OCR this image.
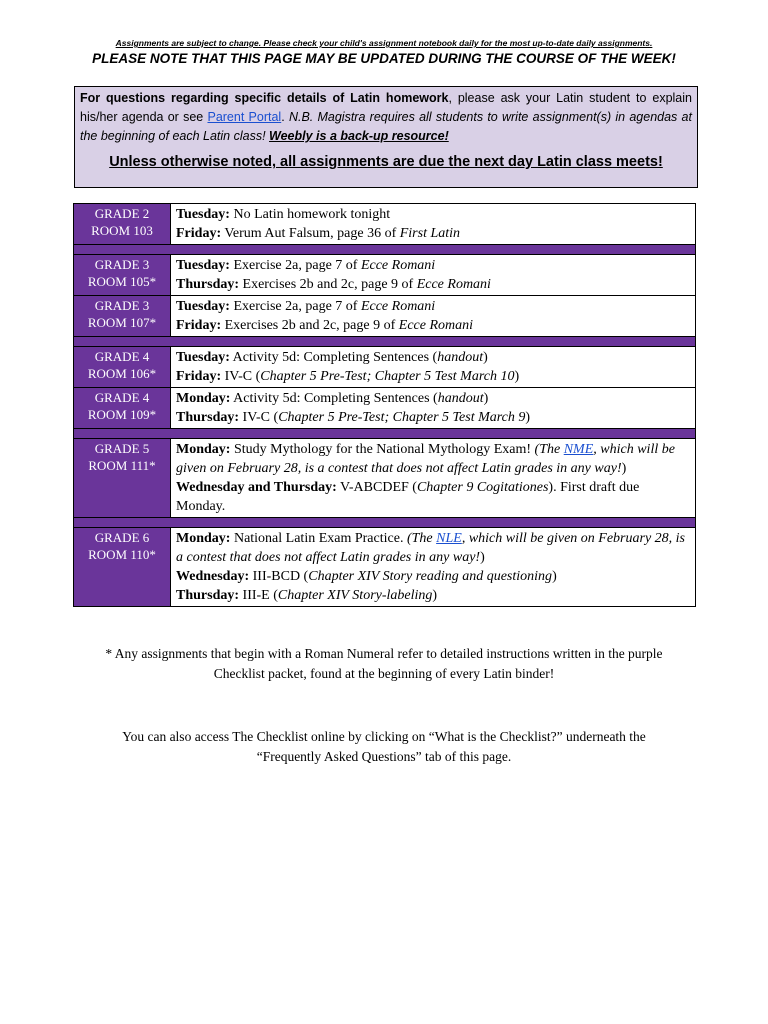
Assignments are subject to change. Please check your child's assignment notebook daily for the most up-to-date daily assignments.
PLEASE NOTE THAT THIS PAGE MAY BE UPDATED DURING THE COURSE OF THE WEEK!
For questions regarding specific details of Latin homework, please ask your Latin student to explain his/her agenda or see Parent Portal. N.B. Magistra requires all students to write assignment(s) in agendas at the beginning of each Latin class! Weebly is a back-up resource!
Unless otherwise noted, all assignments are due the next day Latin class meets!
GRADE 2
ROOM 103
Tuesday: No Latin homework tonight
Friday: Verum Aut Falsum, page 36 of First Latin
GRADE 3
ROOM 105*
Tuesday: Exercise 2a, page 7 of Ecce Romani
Thursday: Exercises 2b and 2c, page 9 of Ecce Romani
GRADE 3
ROOM 107*
Tuesday: Exercise 2a, page 7 of Ecce Romani
Friday: Exercises 2b and 2c, page 9 of Ecce Romani
GRADE 4
ROOM 106*
Tuesday: Activity 5d: Completing Sentences (handout)
Friday: IV-C (Chapter 5 Pre-Test; Chapter 5 Test March 10)
GRADE 4
ROOM 109*
Monday: Activity 5d: Completing Sentences (handout)
Thursday: IV-C (Chapter 5 Pre-Test; Chapter 5 Test March 9)
GRADE 5
ROOM 111*
Monday: Study Mythology for the National Mythology Exam! (The NME, which will be given on February 28, is a contest that does not affect Latin grades in any way!)
Wednesday and Thursday: V-ABCDEF (Chapter 9 Cogitationes). First draft due Monday.
GRADE 6
ROOM 110*
Monday: National Latin Exam Practice. (The NLE, which will be given on February 28, is a contest that does not affect Latin grades in any way!)
Wednesday: III-BCD (Chapter XIV Story reading and questioning)
Thursday: III-E (Chapter XIV Story-labeling)
* Any assignments that begin with a Roman Numeral refer to detailed instructions written in the purple Checklist packet, found at the beginning of every Latin binder!
You can also access The Checklist online by clicking on “What is the Checklist?” underneath the “Frequently Asked Questions” tab of this page.
